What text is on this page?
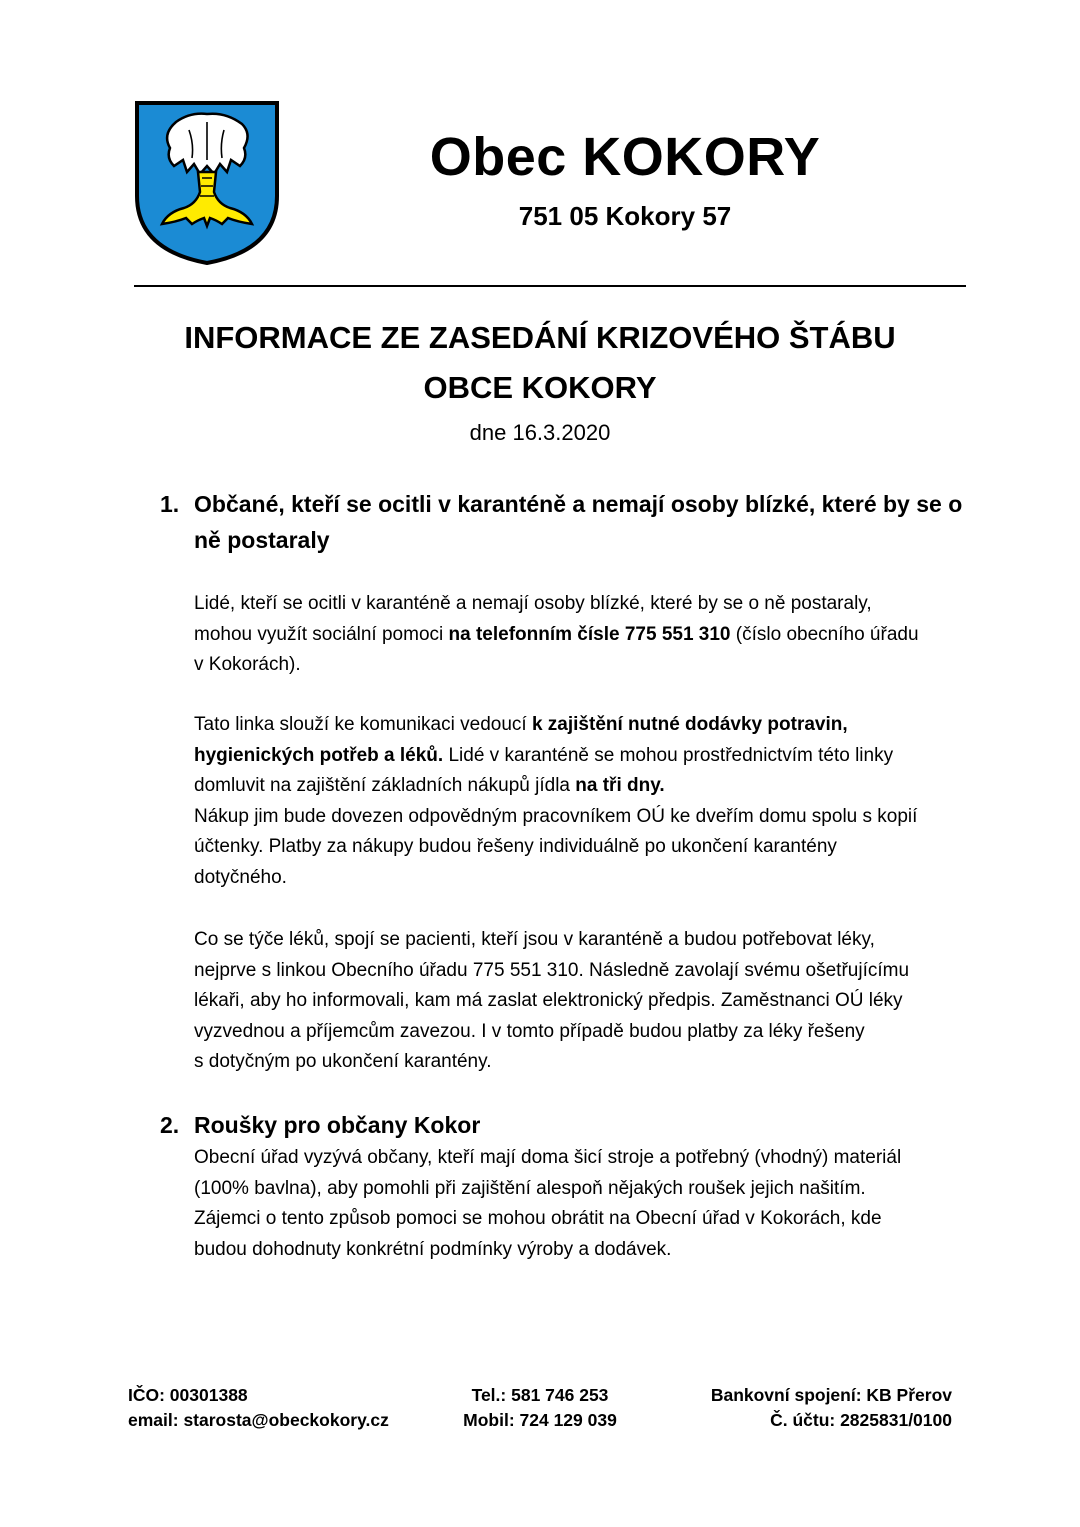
Obec KOKORY
751 05 Kokory 57
INFORMACE ZE ZASEDÁNÍ KRIZOVÉHO ŠTÁBU
OBCE KOKORY
dne 16.3.2020
1. Občané, kteří se ocitli v karanténě a nemají osoby blízké, které by se o
ně postaraly
Lidé, kteří se ocitli v karanténě a nemají osoby blízké, které by se o ně postaraly,
mohou využít sociální pomoci na telefonním čísle 775 551 310 (číslo obecního úřadu
v Kokorách).
Tato linka slouží ke komunikaci vedoucí k zajištění nutné dodávky potravin,
hygienických potřeb a léků. Lidé v karanténě se mohou prostřednictvím této linky
domluvit na zajištění základních nákupů jídla na tři dny.
Nákup jim bude dovezen odpovědným pracovníkem OÚ ke dveřím domu spolu s kopií
účtenky. Platby za nákupy budou řešeny individuálně po ukončení karantény
dotyčného.
Co se týče léků, spojí se pacienti, kteří jsou v karanténě a budou potřebovat léky,
nejprve s linkou Obecního úřadu 775 551 310. Následně zavolají svému ošetřujícímu
lékaři, aby ho informovali, kam má zaslat elektronický předpis. Zaměstnanci OÚ léky
vyzvednou a příjemcům zavezou. I v tomto případě budou platby za léky řešeny
s dotyčným po ukončení karantény.
2. Roušky pro občany Kokor
Obecní úřad vyzývá občany, kteří mají doma šicí stroje a potřebný (vhodný) materiál
(100% bavlna), aby pomohli při zajištění alespoň nějakých roušek jejich našitím.
Zájemci o tento způsob pomoci se mohou obrátit na Obecní úřad v Kokorách, kde
budou dohodnuty konkrétní podmínky výroby a dodávek.
IČO: 00301388
email: starosta@obeckokory.cz
Tel.: 581 746 253
Mobil: 724 129 039
Bankovní spojení: KB Přerov
Č. účtu: 2825831/0100
